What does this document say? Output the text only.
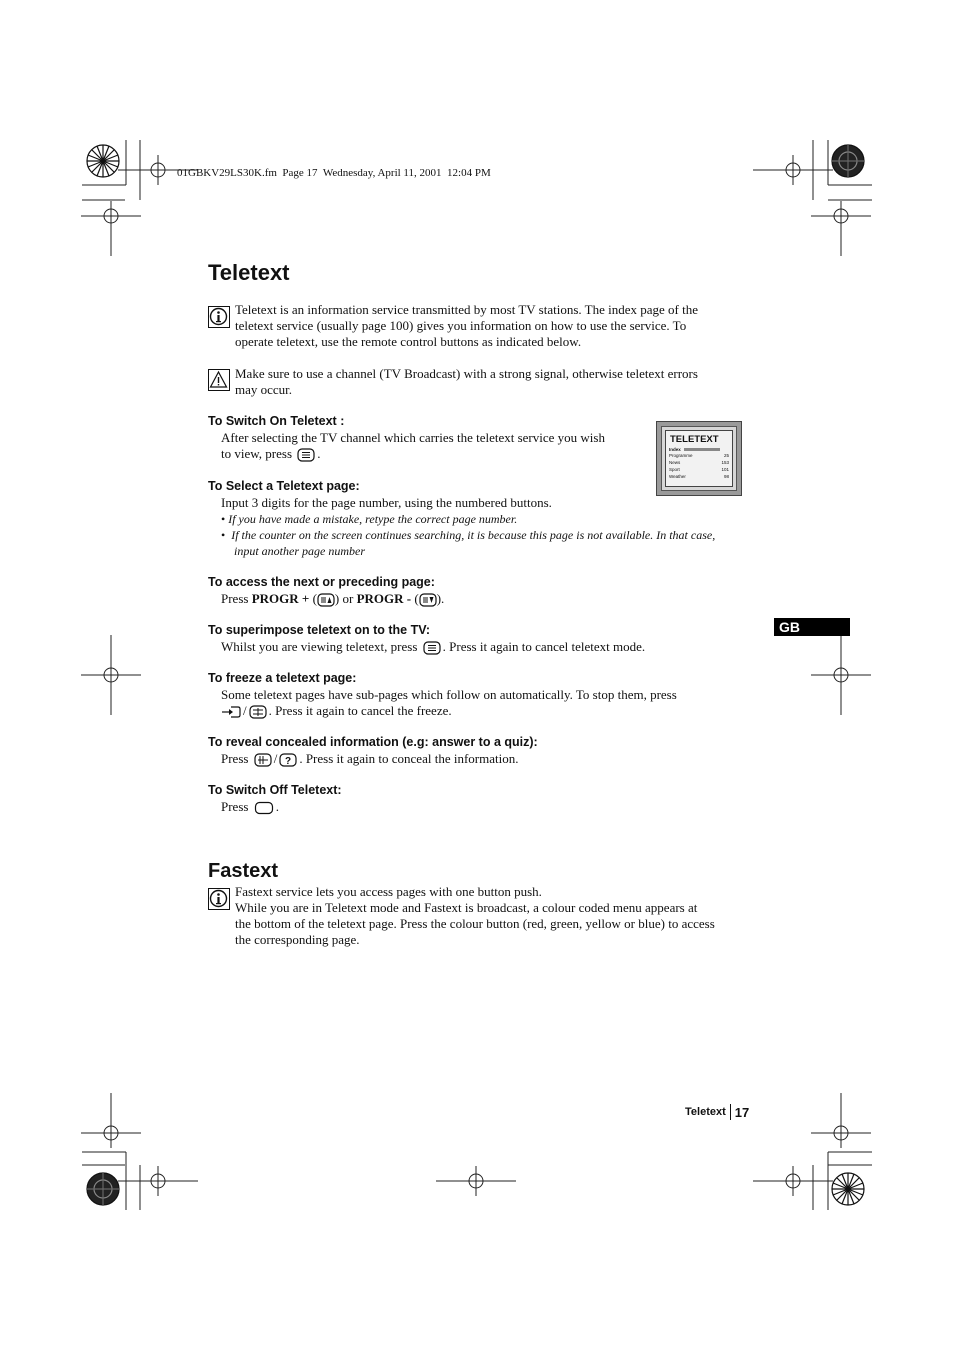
01GBKV29LS30K.fm  Page 17  Wednesday, April 11, 2001  12:04 PM
Teletext
Teletext is an information service transmitted by most TV stations. The index page of the
teletext service (usually page 100) gives you information on how to use the service. To
operate teletext, use the remote control buttons as indicated below.
Make sure to use a channel (TV Broadcast) with a strong signal, otherwise teletext errors
may occur.
To Switch On Teletext :
After selecting the TV channel which carries the teletext service you wish
to view, press .
TELETEXT
Index
Programme	25
News	153
Sport	101
Weather	98
To Select a Teletext page:
Input 3 digits for the page number, using the numbered buttons.
• If you have made a mistake, retype the correct page number.
• If the counter on the screen continues searching, it is because this page is not available. In that case,
input another page number
To access the next or preceding page:
Press PROGR + ( ) or PROGR - ( ).
To superimpose teletext on to the TV:
Whilst you are viewing teletext, press . Press it again to cancel teletext mode.
To freeze a teletext page:
Some teletext pages have sub-pages which follow on automatically. To stop them, press
/ . Press it again to cancel the freeze.
To reveal concealed information (e.g: answer to a quiz):
Press / ? . Press it again to conceal the information.
To Switch Off Teletext:
Press .
Fastext
Fastext service lets you access pages with one button push.
While you are in Teletext mode and Fastext is broadcast, a colour coded menu appears at
the bottom of the teletext page. Press the colour button (red, green, yellow or blue) to access
the corresponding page.
GB
Teletext 17
